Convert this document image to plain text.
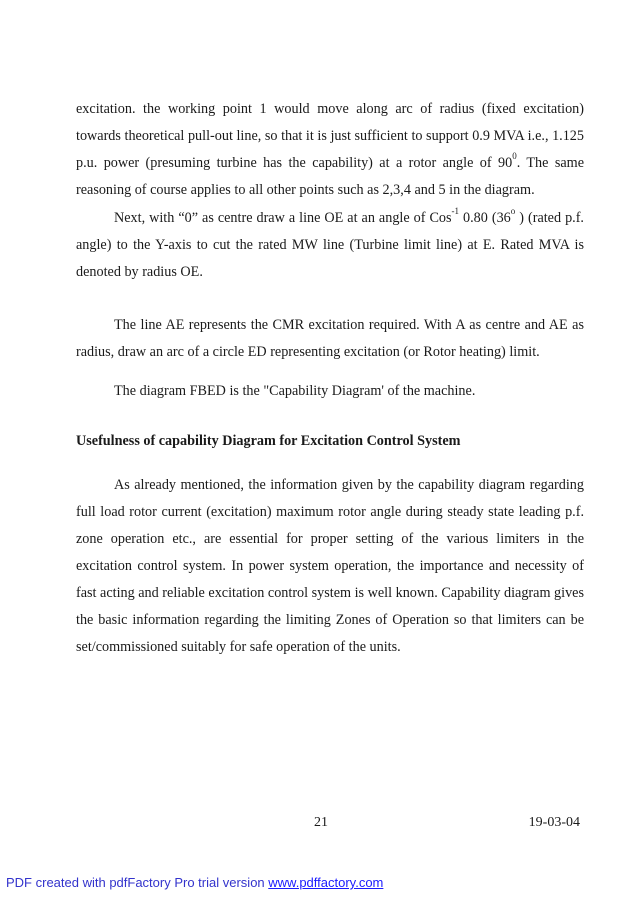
excitation. the working point 1 would move along arc of radius (fixed excitation) towards theoretical pull-out line, so that it is just sufficient to support 0.9 MVA i.e., 1.125 p.u. power (presuming turbine has the capability) at a rotor angle of $90^0$. The same reasoning of course applies to all other points such as 2,3,4 and 5 in the diagram.

Next, with “0” as centre draw a line OE at an angle of Cos$^{-1}$ 0.80 (36$^o$ ) (rated p.f. angle) to the Y-axis to cut the rated MW line (Turbine limit line) at E. Rated MVA is denoted by radius OE.

The line AE represents the CMR excitation required. With A as centre and AE as radius, draw an arc of a circle ED representing excitation (or Rotor heating) limit.

The diagram FBED is the "Capability Diagram' of the machine.

Usefulness of capability Diagram for Excitation Control System

As already mentioned, the information given by the capability diagram regarding full load rotor current (excitation) maximum rotor angle during steady state leading p.f. zone operation etc., are essential for proper setting of the various limiters in the excitation control system. In power system operation, the importance and necessity of fast acting and reliable excitation control system is well known. Capability diagram gives the basic information regarding the limiting Zones of Operation so that limiters can be set/commissioned suitably for safe operation of the units.

21	19-03-04
PDF created with pdfFactory Pro trial version www.pdffactory.com
